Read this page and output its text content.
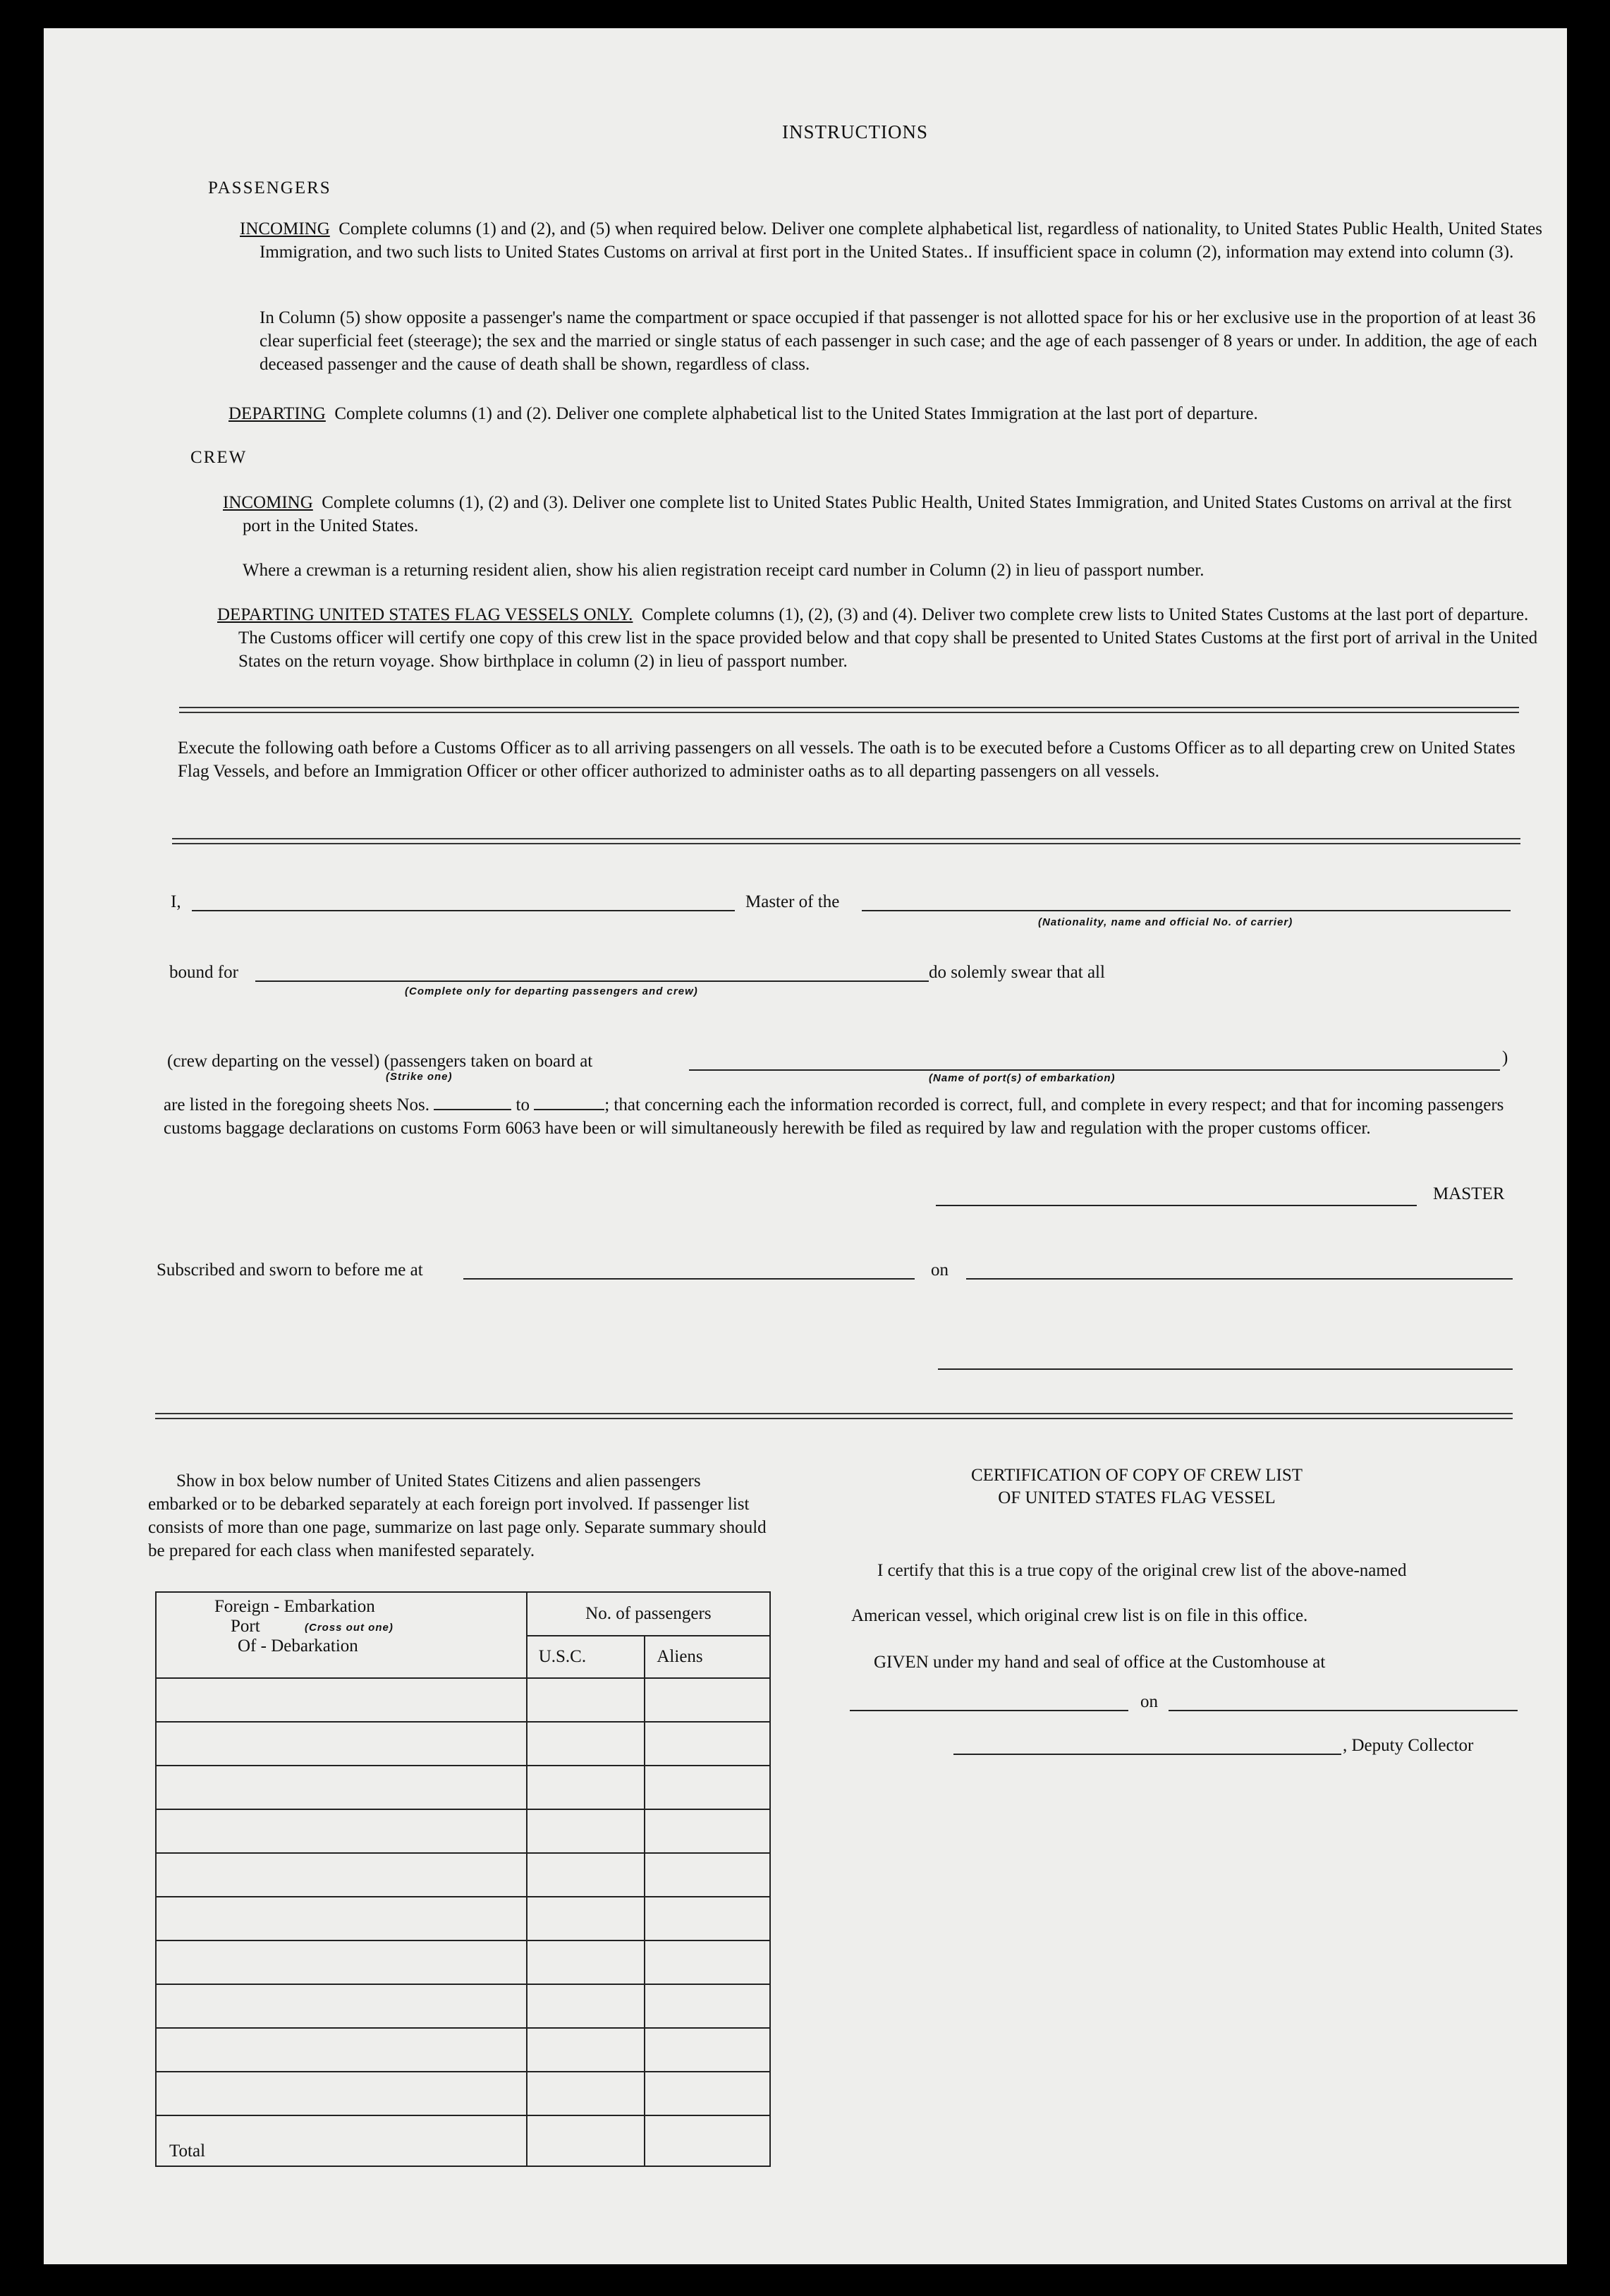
INSTRUCTIONS
PASSENGERS
INCOMING Complete columns (1) and (2), and (5) when required below. Deliver one complete alphabetical list, regardless of nationality, to United States Public Health, United States Immigration, and two such lists to United States Customs on arrival at first port in the United States.. If insufficient space in column (2), information may extend into column (3).
In Column (5) show opposite a passenger's name the compartment or space occupied if that passenger is not allotted space for his or her exclusive use in the proportion of at least 36 clear superficial feet (steerage); the sex and the married or single status of each passenger in such case; and the age of each passenger of 8 years or under. In addition, the age of each deceased passenger and the cause of death shall be shown, regardless of class.
DEPARTING Complete columns (1) and (2). Deliver one complete alphabetical list to the United States Immigration at the last port of departure.
CREW
INCOMING Complete columns (1), (2) and (3). Deliver one complete list to United States Public Health, United States Immigration, and United States Customs on arrival at the first port in the United States.
Where a crewman is a returning resident alien, show his alien registration receipt card number in Column (2) in lieu of passport number.
DEPARTING UNITED STATES FLAG VESSELS ONLY. Complete columns (1), (2), (3) and (4). Deliver two complete crew lists to United States Customs at the last port of departure. The Customs officer will certify one copy of this crew list in the space provided below and that copy shall be presented to United States Customs at the first port of arrival in the United States on the return voyage. Show birthplace in column (2) in lieu of passport number.
Execute the following oath before a Customs Officer as to all arriving passengers on all vessels. The oath is to be executed before a Customs Officer as to all departing crew on United States Flag Vessels, and before an Immigration Officer or other officer authorized to administer oaths as to all departing passengers on all vessels.
I,	Master of the
(Nationality, name and official No. of carrier)
bound for	do solemly swear that all
(Complete only for departing passengers and crew)
(crew departing on the vessel) (passengers taken on board at	)
(Strike one)	(Name of port(s) of embarkation)
are listed in the foregoing sheets Nos.	to	; that concerning each the information recorded is correct, full, and complete in every respect; and that for incoming passengers customs baggage declarations on customs Form 6063 have been or will simultaneously herewith be filed as required by law and regulation with the proper customs officer.
MASTER
Subscribed and sworn to before me at	on
Show in box below number of United States Citizens and alien passengers embarked or to be debarked separately at each foreign port involved. If passenger list consists of more than one page, summarize on last page only. Separate summary should be prepared for each class when manifested separately.
Foreign - Embarkation
Port (Cross out one)
Of - Debarkation	No. of passengers	
	U.S.C.	Aliens

Total		
CERTIFICATION OF COPY OF CREW LIST
OF UNITED STATES FLAG VESSEL
I certify that this is a true copy of the original crew list of the above-named
American vessel, which original crew list is on file in this office.
GIVEN under my hand and seal of office at the Customhouse at
on
, Deputy Collector
